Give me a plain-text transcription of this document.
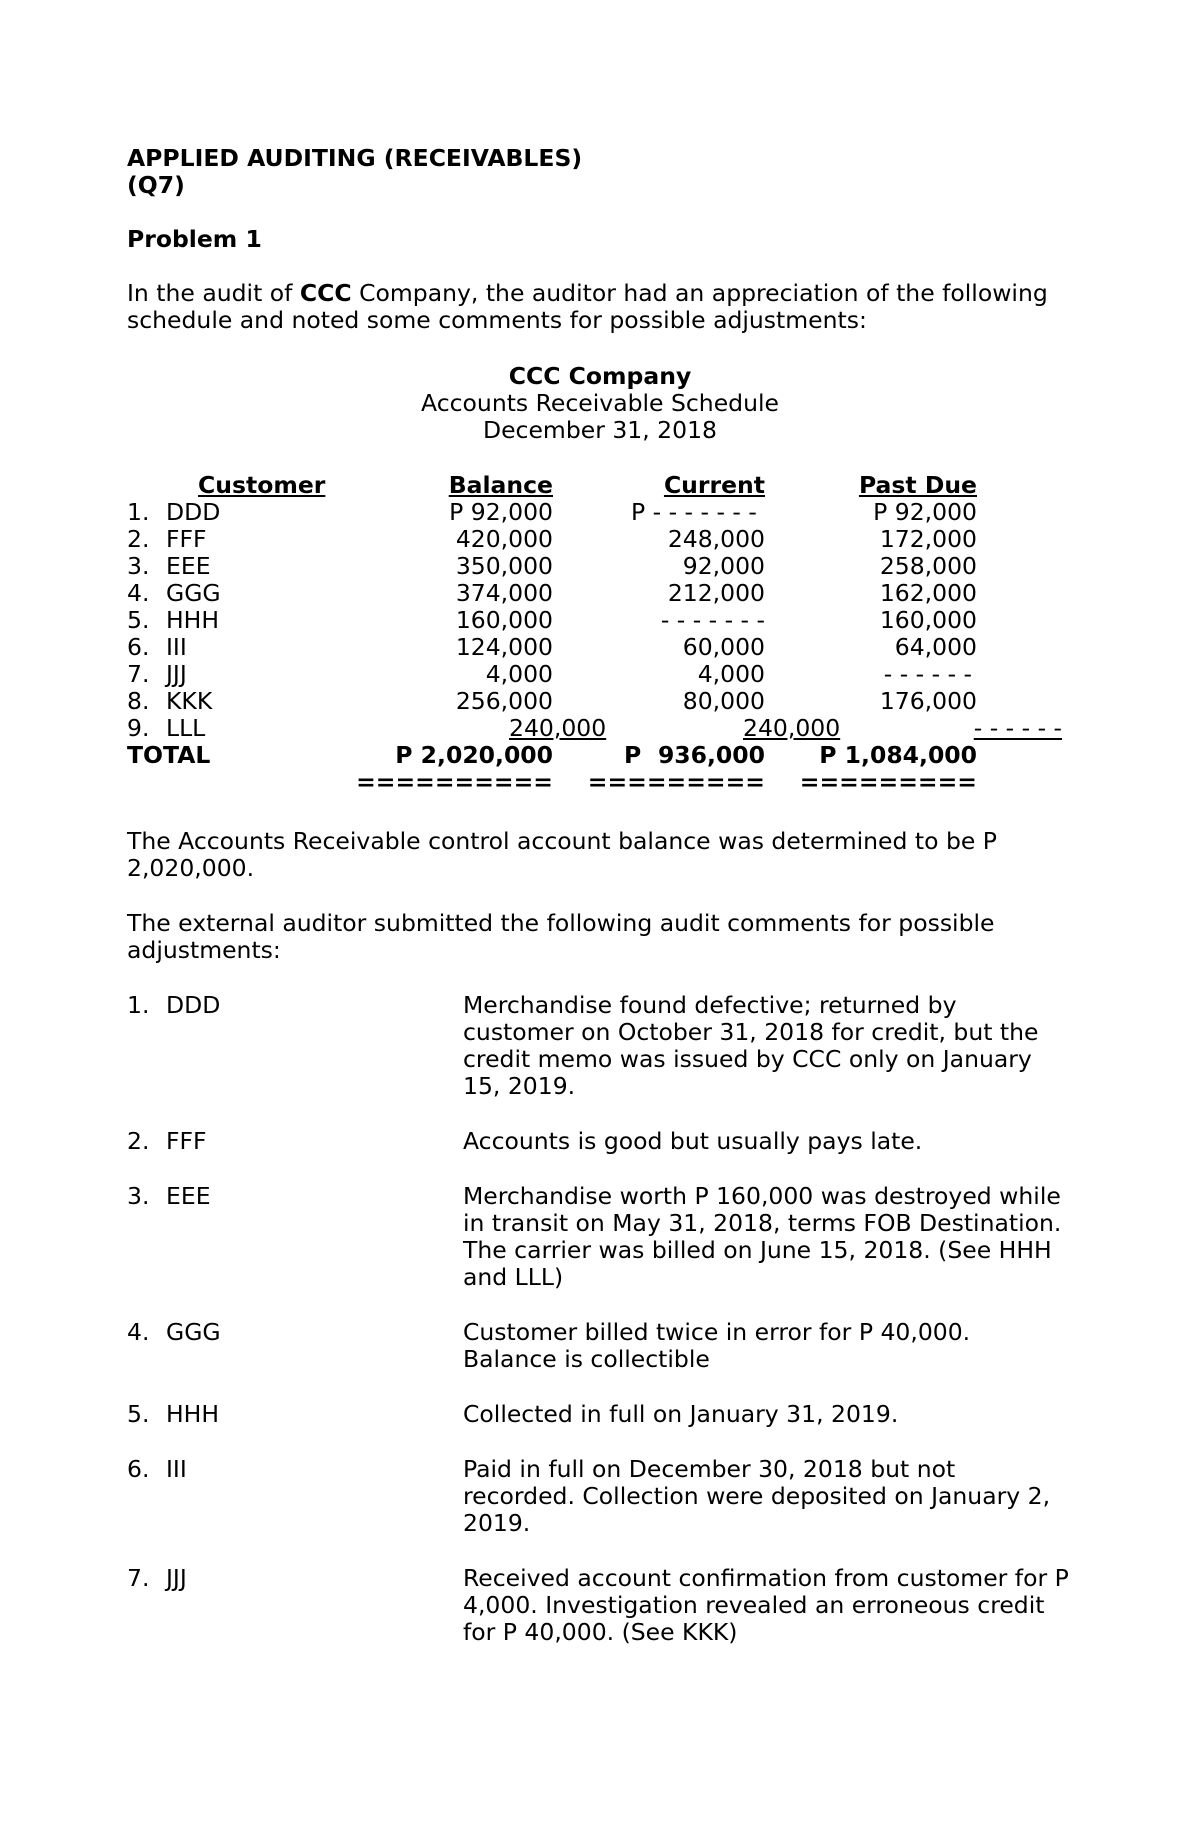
APPLIED AUDITING (RECEIVABLES)
(Q7)
Problem 1
In the audit of CCC Company, the auditor had an appreciation of the following
schedule and noted some comments for possible adjustments:
CCC Company
Accounts Receivable Schedule
December 31, 2018
Customer	Balance	Current	Past Due
1. DDD	P 92,000	P - - - - - - -	P 92,000
2. FFF	420,000	248,000	172,000
3. EEE	350,000	92,000	258,000
4. GGG	374,000	212,000	162,000
5. HHH	160,000	- - - - - - -	160,000
6. III	124,000	60,000	64,000
7. JJJ	4,000	4,000	- - - - - -
8. KKK	256,000	80,000	176,000
9. LLL	240,000	240,000	- - - - - -
TOTAL	P 2,020,000	P 936,000	P 1,084,000
==========	=========	=========
The Accounts Receivable control account balance was determined to be P
2,020,000.
The external auditor submitted the following audit comments for possible
adjustments:
1. DDD	Merchandise found defective; returned by
customer on October 31, 2018 for credit, but the
credit memo was issued by CCC only on January
15, 2019.
2. FFF	Accounts is good but usually pays late.
3. EEE	Merchandise worth P 160,000 was destroyed while
in transit on May 31, 2018, terms FOB Destination.
The carrier was billed on June 15, 2018. (See HHH
and LLL)
4. GGG	Customer billed twice in error for P 40,000.
Balance is collectible
5. HHH	Collected in full on January 31, 2019.
6. III	Paid in full on December 30, 2018 but not
recorded. Collection were deposited on January 2,
2019.
7. JJJ	Received account confirmation from customer for P
4,000. Investigation revealed an erroneous credit
for P 40,000. (See KKK)
